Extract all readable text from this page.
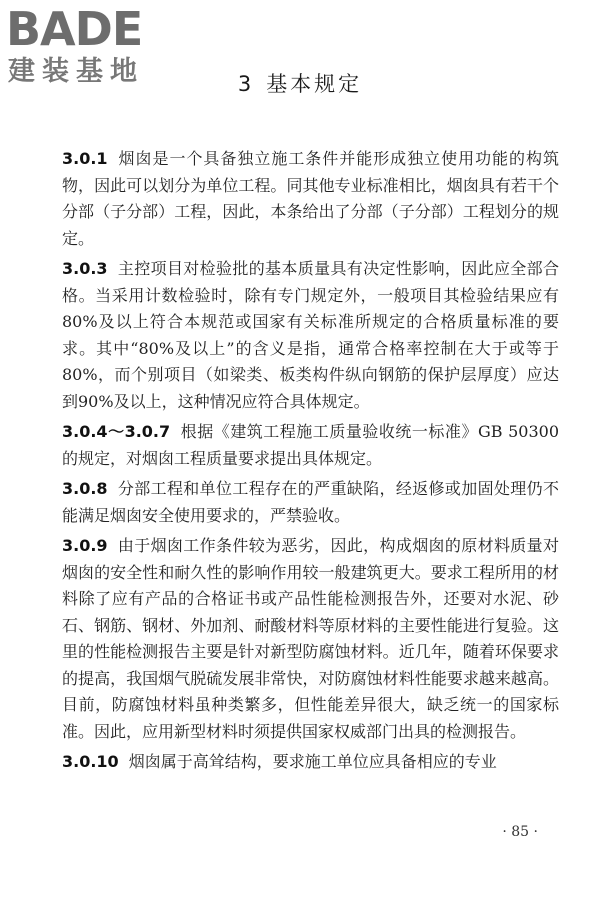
BADE
建装基地	3 基本规定

3.0.1 烟囱是一个具备独立施工条件并能形成独立使用功能的构筑物，因此可以划分为单位工程。同其他专业标准相比，烟囱具有若干个分部（子分部）工程，因此，本条给出了分部（子分部）工程划分的规定。

3.0.3 主控项目对检验批的基本质量具有决定性影响，因此应全部合格。当采用计数检验时，除有专门规定外，一般项目其检验结果应有80%及以上符合本规范或国家有关标准所规定的合格质量标准的要求。其中“80%及以上”的含义是指，通常合格率控制在大于或等于80%，而个别项目（如梁类、板类构件纵向钢筋的保护层厚度）应达到90%及以上，这种情况应符合具体规定。

3.0.4～3.0.7 根据《建筑工程施工质量验收统一标准》GB 50300的规定，对烟囱工程质量要求提出具体规定。

3.0.8 分部工程和单位工程存在的严重缺陷，经返修或加固处理仍不能满足烟囱安全使用要求的，严禁验收。

3.0.9 由于烟囱工作条件较为恶劣，因此，构成烟囱的原材料质量对烟囱的安全性和耐久性的影响作用较一般建筑更大。要求工程所用的材料除了应有产品的合格证书或产品性能检测报告外，还要对水泥、砂石、钢筋、钢材、外加剂、耐酸材料等原材料的主要性能进行复验。这里的性能检测报告主要是针对新型防腐蚀材料。近几年，随着环保要求的提高，我国烟气脱硫发展非常快，对防腐蚀材料性能要求越来越高。目前，防腐蚀材料虽种类繁多，但性能差异很大，缺乏统一的国家标准。因此，应用新型材料时须提供国家权威部门出具的检测报告。

3.0.10 烟囱属于高耸结构，要求施工单位应具备相应的专业

· 85 ·
